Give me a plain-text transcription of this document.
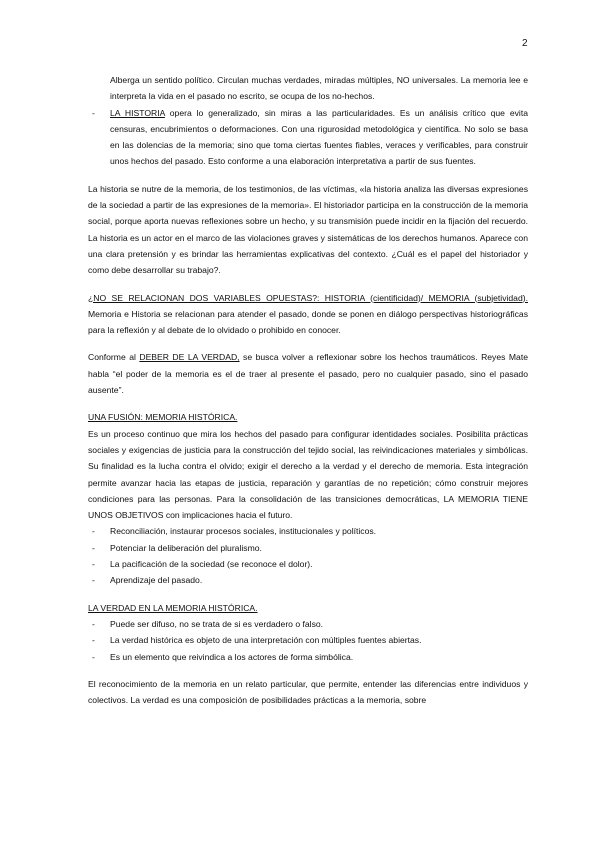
2

Alberga un sentido político. Circulan muchas verdades, miradas múltiples, NO universales. La memoria lee e interpreta la vida en el pasado no escrito, se ocupa de los no-hechos.

- LA HISTORIA opera lo generalizado, sin miras a las particularidades. Es un análisis crítico que evita censuras, encubrimientos o deformaciones. Con una rigurosidad metodológica y científica. No solo se basa en las dolencias de la memoria; sino que toma ciertas fuentes fiables, veraces y verificables, para construir unos hechos del pasado. Esto conforme a una elaboración interpretativa a partir de sus fuentes.

La historia se nutre de la memoria, de los testimonios, de las víctimas, «la historia analiza las diversas expresiones de la sociedad a partir de las expresiones de la memoria». El historiador participa en la construcción de la memoria social, porque aporta nuevas reflexiones sobre un hecho, y su transmisión puede incidir en la fijación del recuerdo. La historia es un actor en el marco de las violaciones graves y sistemáticas de los derechos humanos. Aparece con una clara pretensión y es brindar las herramientas explicativas del contexto. ¿Cuál es el papel del historiador y como debe desarrollar su trabajo?.

¿NO SE RELACIONAN DOS VARIABLES OPUESTAS?: HISTORIA (cientificidad)/ MEMORIA (subjetividad). Memoria e Historia se relacionan para atender el pasado, donde se ponen en diálogo perspectivas historiográficas para la reflexión y al debate de lo olvidado o prohibido en conocer.

Conforme al DEBER DE LA VERDAD, se busca volver a reflexionar sobre los hechos traumáticos. Reyes Mate habla “el poder de la memoria es el de traer al presente el pasado, pero no cualquier pasado, sino el pasado ausente”.

UNA FUSIÓN: MEMORIA HISTÓRICA.

Es un proceso continuo que mira los hechos del pasado para configurar identidades sociales. Posibilita prácticas sociales y exigencias de justicia para la construcción del tejido social, las reivindicaciones materiales y simbólicas. Su finalidad es la lucha contra el olvido; exigir el derecho a la verdad y el derecho de memoria. Esta integración permite avanzar hacia las etapas de justicia, reparación y garantías de no repetición; cómo construir mejores condiciones para las personas. Para la consolidación de las transiciones democráticas, LA MEMORIA TIENE UNOS OBJETIVOS con implicaciones hacia el futuro.

- Reconciliación, instaurar procesos sociales, institucionales y políticos.
- Potenciar la deliberación del pluralismo.
- La pacificación de la sociedad (se reconoce el dolor).
- Aprendizaje del pasado.

LA VERDAD EN LA MEMORIA HISTÓRICA.

- Puede ser difuso, no se trata de si es verdadero o falso.
- La verdad histórica es objeto de una interpretación con múltiples fuentes abiertas.
- Es un elemento que reivindica a los actores de forma simbólica.

El reconocimiento de la memoria en un relato particular, que permite, entender las diferencias entre individuos y colectivos. La verdad es una composición de posibilidades prácticas a la memoria, sobre
